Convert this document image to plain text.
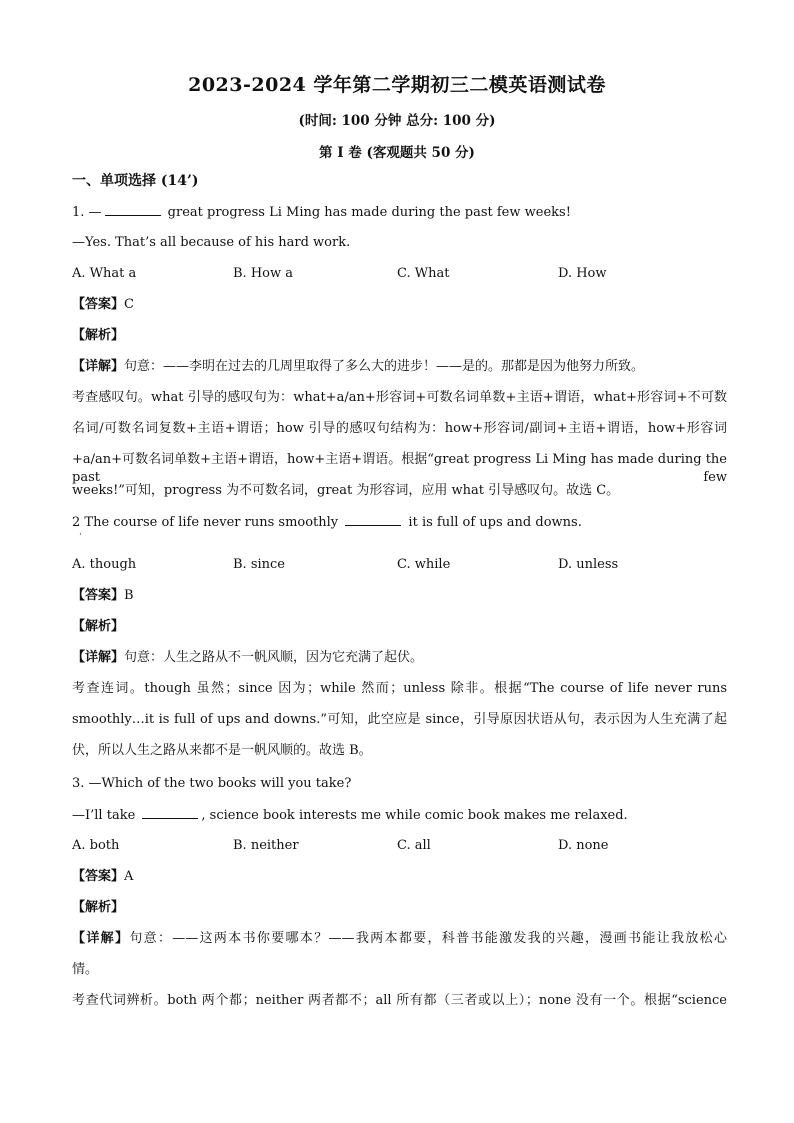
2023-2024 学年第二学期初三二模英语测试卷
(时间: 100 分钟 总分: 100 分)
第 I 卷 (客观题共 50 分)
一、单项选择 (14’)
1. —	great progress Li Ming has made during the past few weeks!
—Yes. That’s all because of his hard work.
A. What a	B. How a	C. What	D. How
【答案】C
【解析】
【详解】句意：——李明在过去的几周里取得了多么大的进步！——是的。那都是因为他努力所致。
考查感叹句。what 引导的感叹句为：what+a/an+形容词+可数名词单数+主语+谓语，what+形容词+不可数
名词/可数名词复数+主语+谓语；how 引导的感叹句结构为：how+形容词/副词+主语+谓语，how+形容词
+a/an+可数名词单数+主语+谓语，how+主语+谓语。根据“great progress Li Ming has made during the past few
weeks!”可知，progress 为不可数名词，great 为形容词，应用 what 引导感叹句。故选 C。
2 The course of life never runs smoothly	it is full of ups and downs.
·
A. though	B. since	C. while	D. unless
【答案】B
【解析】
【详解】句意：人生之路从不一帆风顺，因为它充满了起伏。
考查连词。though 虽然；since 因为；while 然而；unless 除非。根据“The course of life never runs
smoothly…it is full of ups and downs.”可知，此空应是 since，引导原因状语从句，表示因为人生充满了起
伏，所以人生之路从来都不是一帆风顺的。故选 B。
3. —Which of the two books will you take?
—I’ll take	, science book interests me while comic book makes me relaxed.
A. both	B. neither	C. all	D. none
【答案】A
【解析】
【详解】句意：——这两本书你要哪本？——我两本都要，科普书能激发我的兴趣，漫画书能让我放松心
情。
考查代词辨析。both 两个都；neither 两者都不；all 所有都（三者或以上）；none 没有一个。根据“science
